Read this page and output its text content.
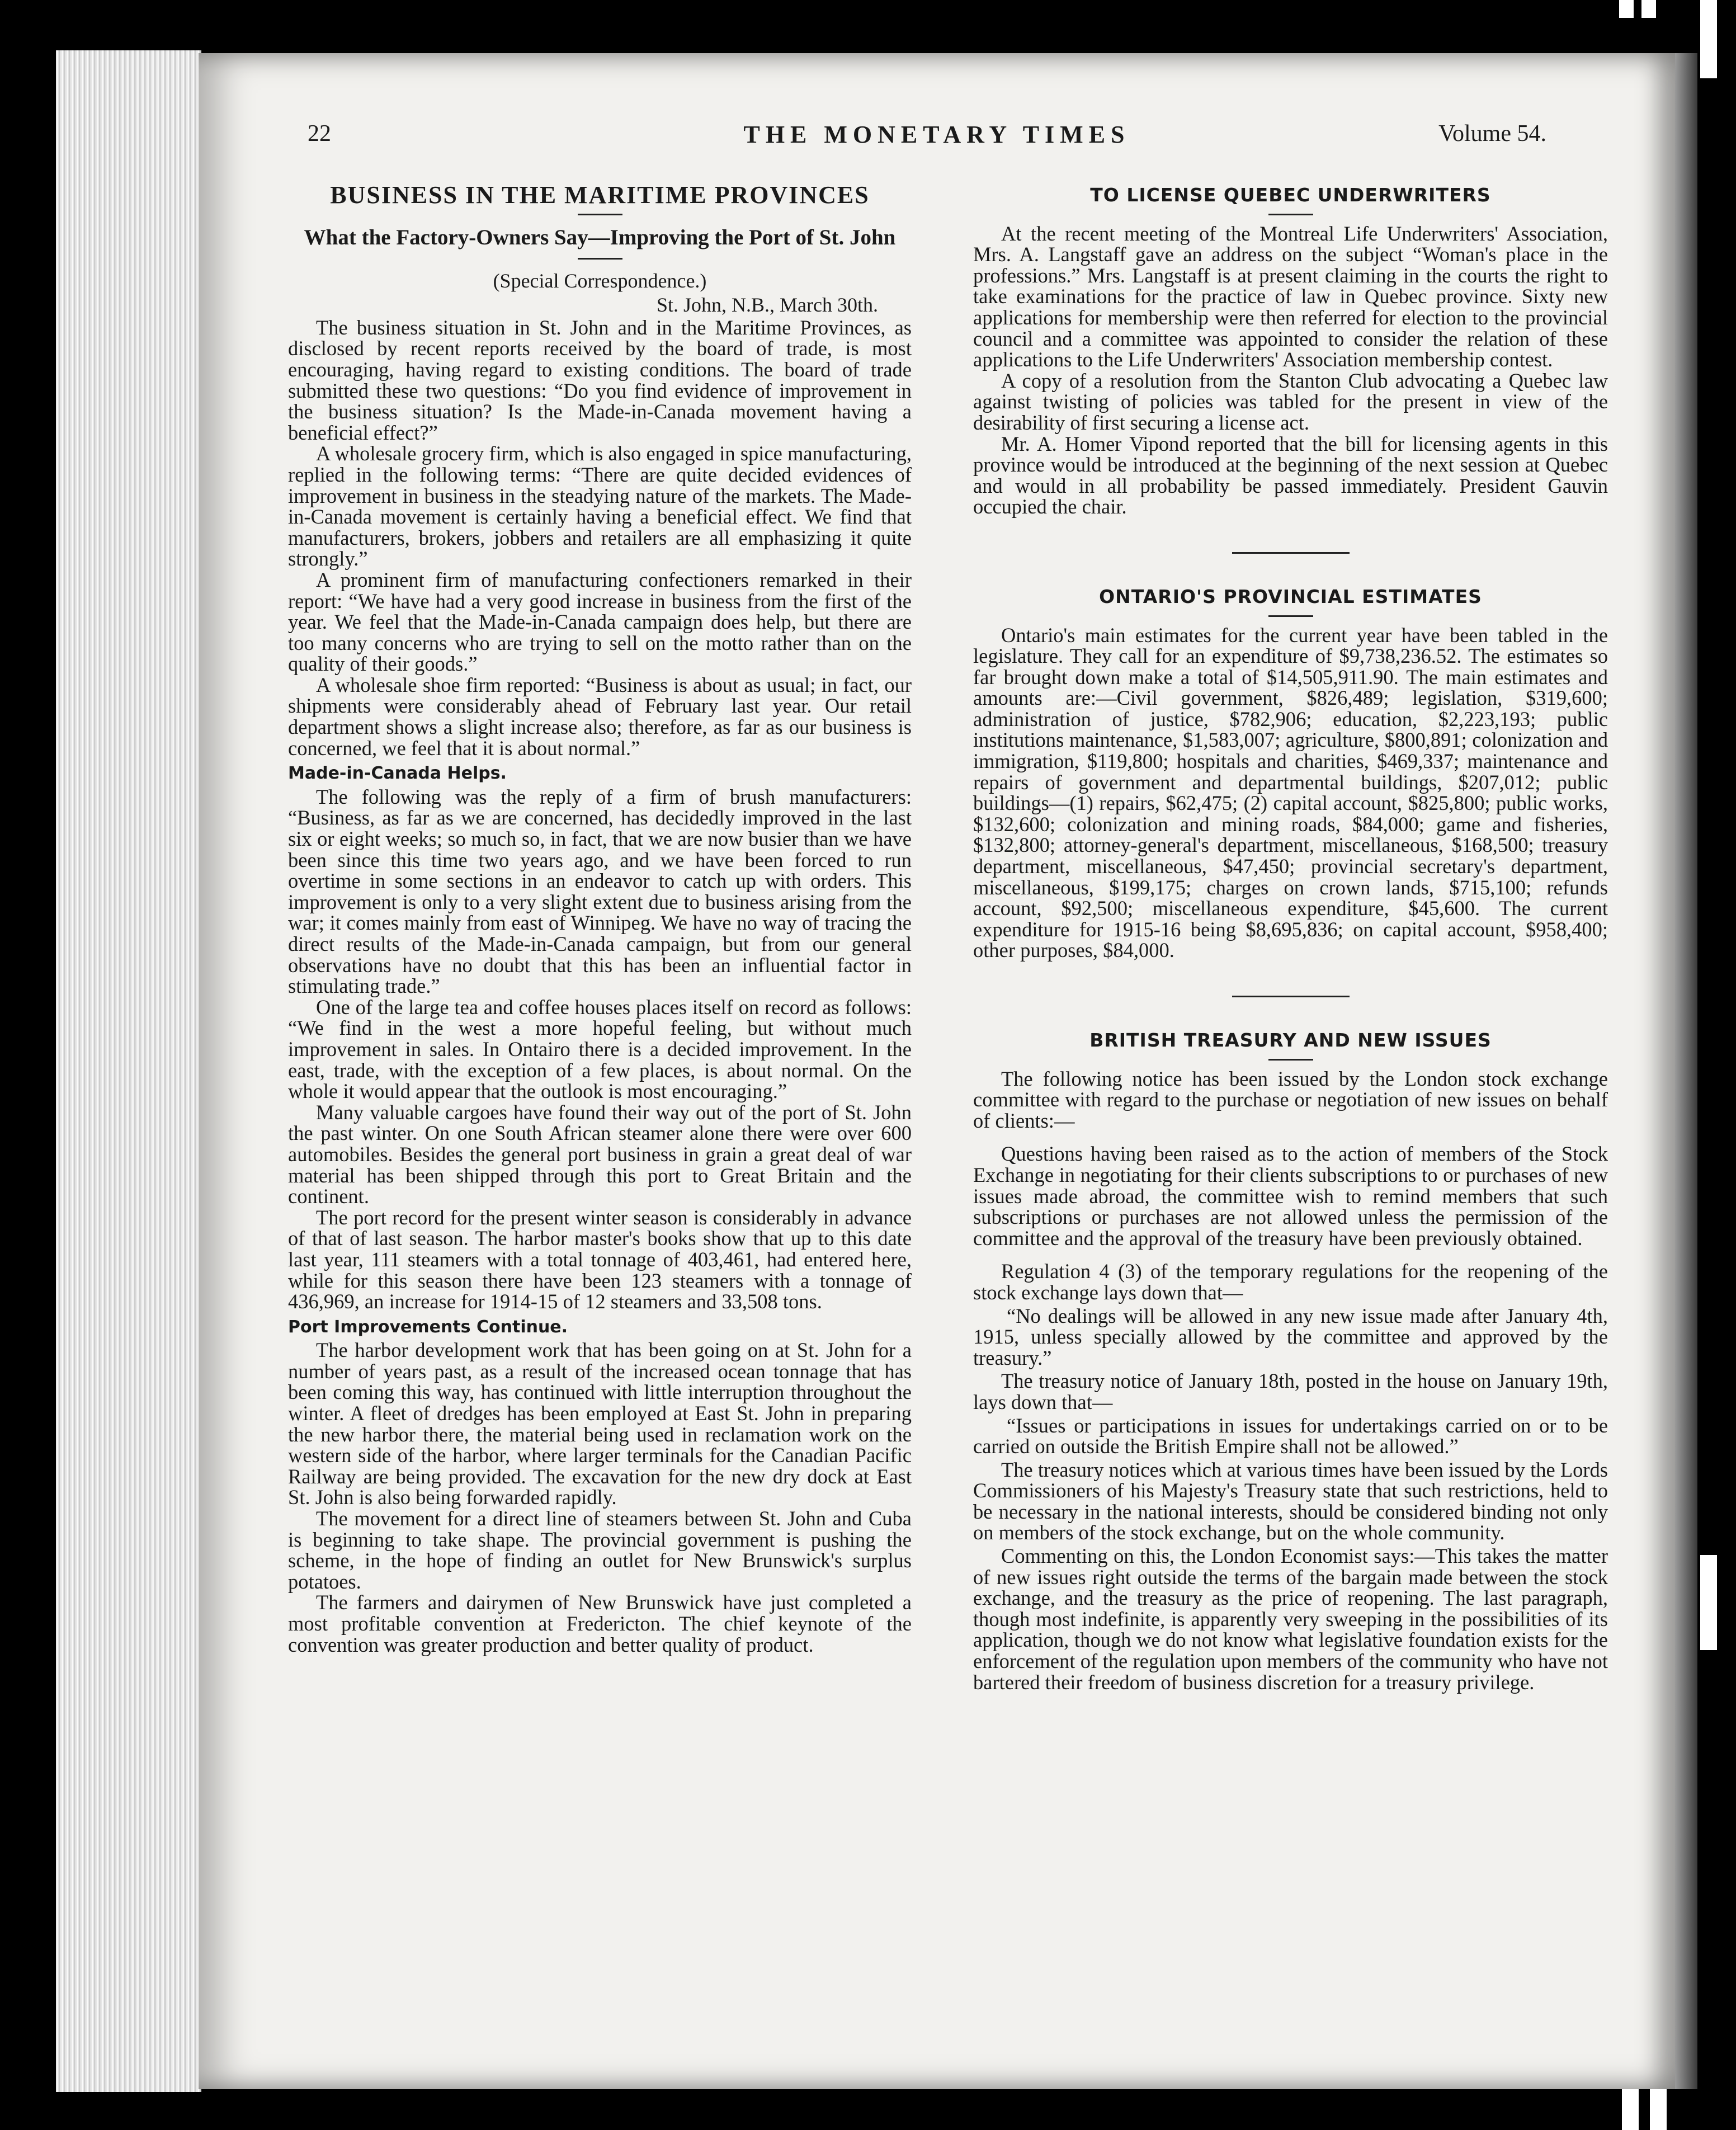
22	THE MONETARY TIMES	Volume 54.
BUSINESS IN THE MARITIME PROVINCES
What the Factory-Owners Say—Improving the Port of St. John
(Special Correspondence.)
St. John, N.B., March 30th.

The business situation in St. John and in the Maritime Provinces, as disclosed by recent reports received by the board of trade, is most encouraging, having regard to existing conditions. The board of trade submitted these two questions: “Do you find evidence of improvement in the business situation? Is the Made-in-Canada movement having a beneficial effect?”

A wholesale grocery firm, which is also engaged in spice manufacturing, replied in the following terms: “There are quite decided evidences of improvement in business in the steadying nature of the markets. The Made-in-Canada movement is certainly having a beneficial effect. We find that manufacturers, brokers, jobbers and retailers are all emphasizing it quite strongly.”

A prominent firm of manufacturing confectioners remarked in their report: “We have had a very good increase in business from the first of the year. We feel that the Made-in-Canada campaign does help, but there are too many concerns who are trying to sell on the motto rather than on the quality of their goods.”

A wholesale shoe firm reported: “Business is about as usual; in fact, our shipments were considerably ahead of February last year. Our retail department shows a slight increase also; therefore, as far as our business is concerned, we feel that it is about normal.”

Made-in-Canada Helps.

The following was the reply of a firm of brush manufacturers: “Business, as far as we are concerned, has decidedly improved in the last six or eight weeks; so much so, in fact, that we are now busier than we have been since this time two years ago, and we have been forced to run overtime in some sections in an endeavor to catch up with orders. This improvement is only to a very slight extent due to business arising from the war; it comes mainly from east of Winnipeg. We have no way of tracing the direct results of the Made-in-Canada campaign, but from our general observations have no doubt that this has been an influential factor in stimulating trade.”

One of the large tea and coffee houses places itself on record as follows: “We find in the west a more hopeful feeling, but without much improvement in sales. In Ontairo there is a decided improvement. In the east, trade, with the exception of a few places, is about normal. On the whole it would appear that the outlook is most encouraging.”

Many valuable cargoes have found their way out of the port of St. John the past winter. On one South African steamer alone there were over 600 automobiles. Besides the general port business in grain a great deal of war material has been shipped through this port to Great Britain and the continent.

The port record for the present winter season is considerably in advance of that of last season. The harbor master's books show that up to this date last year, 111 steamers with a total tonnage of 403,461, had entered here, while for this season there have been 123 steamers with a tonnage of 436,969, an increase for 1914-15 of 12 steamers and 33,508 tons.

Port Improvements Continue.

The harbor development work that has been going on at St. John for a number of years past, as a result of the increased ocean tonnage that has been coming this way, has continued with little interruption throughout the winter. A fleet of dredges has been employed at East St. John in preparing the new harbor there, the material being used in reclamation work on the western side of the harbor, where larger terminals for the Canadian Pacific Railway are being provided. The excavation for the new dry dock at East St. John is also being forwarded rapidly.

The movement for a direct line of steamers between St. John and Cuba is beginning to take shape. The provincial government is pushing the scheme, in the hope of finding an outlet for New Brunswick's surplus potatoes.

The farmers and dairymen of New Brunswick have just completed a most profitable convention at Fredericton. The chief keynote of the convention was greater production and better quality of product.

TO LICENSE QUEBEC UNDERWRITERS

At the recent meeting of the Montreal Life Underwriters' Association, Mrs. A. Langstaff gave an address on the subject “Woman's place in the professions.” Mrs. Langstaff is at present claiming in the courts the right to take examinations for the practice of law in Quebec province. Sixty new applications for membership were then referred for election to the provincial council and a committee was appointed to consider the relation of these applications to the Life Underwriters' Association membership contest.

A copy of a resolution from the Stanton Club advocating a Quebec law against twisting of policies was tabled for the present in view of the desirability of first securing a license act.

Mr. A. Homer Vipond reported that the bill for licensing agents in this province would be introduced at the beginning of the next session at Quebec and would in all probability be passed immediately. President Gauvin occupied the chair.

ONTARIO'S PROVINCIAL ESTIMATES

Ontario's main estimates for the current year have been tabled in the legislature. They call for an expenditure of $9,738,236.52. The estimates so far brought down make a total of $14,505,911.90. The main estimates and amounts are:—Civil government, $826,489; legislation, $319,600; administration of justice, $782,906; education, $2,223,193; public institutions maintenance, $1,583,007; agriculture, $800,891; colonization and immigration, $119,800; hospitals and charities, $469,337; maintenance and repairs of government and departmental buildings, $207,012; public buildings—(1) repairs, $62,475; (2) capital account, $825,800; public works, $132,600; colonization and mining roads, $84,000; game and fisheries, $132,800; attorney-general's department, miscellaneous, $168,500; treasury department, miscellaneous, $47,450; provincial secretary's department, miscellaneous, $199,175; charges on crown lands, $715,100; refunds account, $92,500; miscellaneous expenditure, $45,600. The current expenditure for 1915-16 being $8,695,836; on capital account, $958,400; other purposes, $84,000.

BRITISH TREASURY AND NEW ISSUES

The following notice has been issued by the London stock exchange committee with regard to the purchase or negotiation of new issues on behalf of clients:—

Questions having been raised as to the action of members of the Stock Exchange in negotiating for their clients subscriptions to or purchases of new issues made abroad, the committee wish to remind members that such subscriptions or purchases are not allowed unless the permission of the committee and the approval of the treasury have been previously obtained.

Regulation 4 (3) of the temporary regulations for the reopening of the stock exchange lays down that—

“No dealings will be allowed in any new issue made after January 4th, 1915, unless specially allowed by the committee and approved by the treasury.”

The treasury notice of January 18th, posted in the house on January 19th, lays down that—

“Issues or participations in issues for undertakings carried on or to be carried on outside the British Empire shall not be allowed.”

The treasury notices which at various times have been issued by the Lords Commissioners of his Majesty's Treasury state that such restrictions, held to be necessary in the national interests, should be considered binding not only on members of the stock exchange, but on the whole community.

Commenting on this, the London Economist says:—This takes the matter of new issues right outside the terms of the bargain made between the stock exchange, and the treasury as the price of reopening. The last paragraph, though most indefinite, is apparently very sweeping in the possibilities of its application, though we do not know what legislative foundation exists for the enforcement of the regulation upon members of the community who have not bartered their freedom of business discretion for a treasury privilege.
